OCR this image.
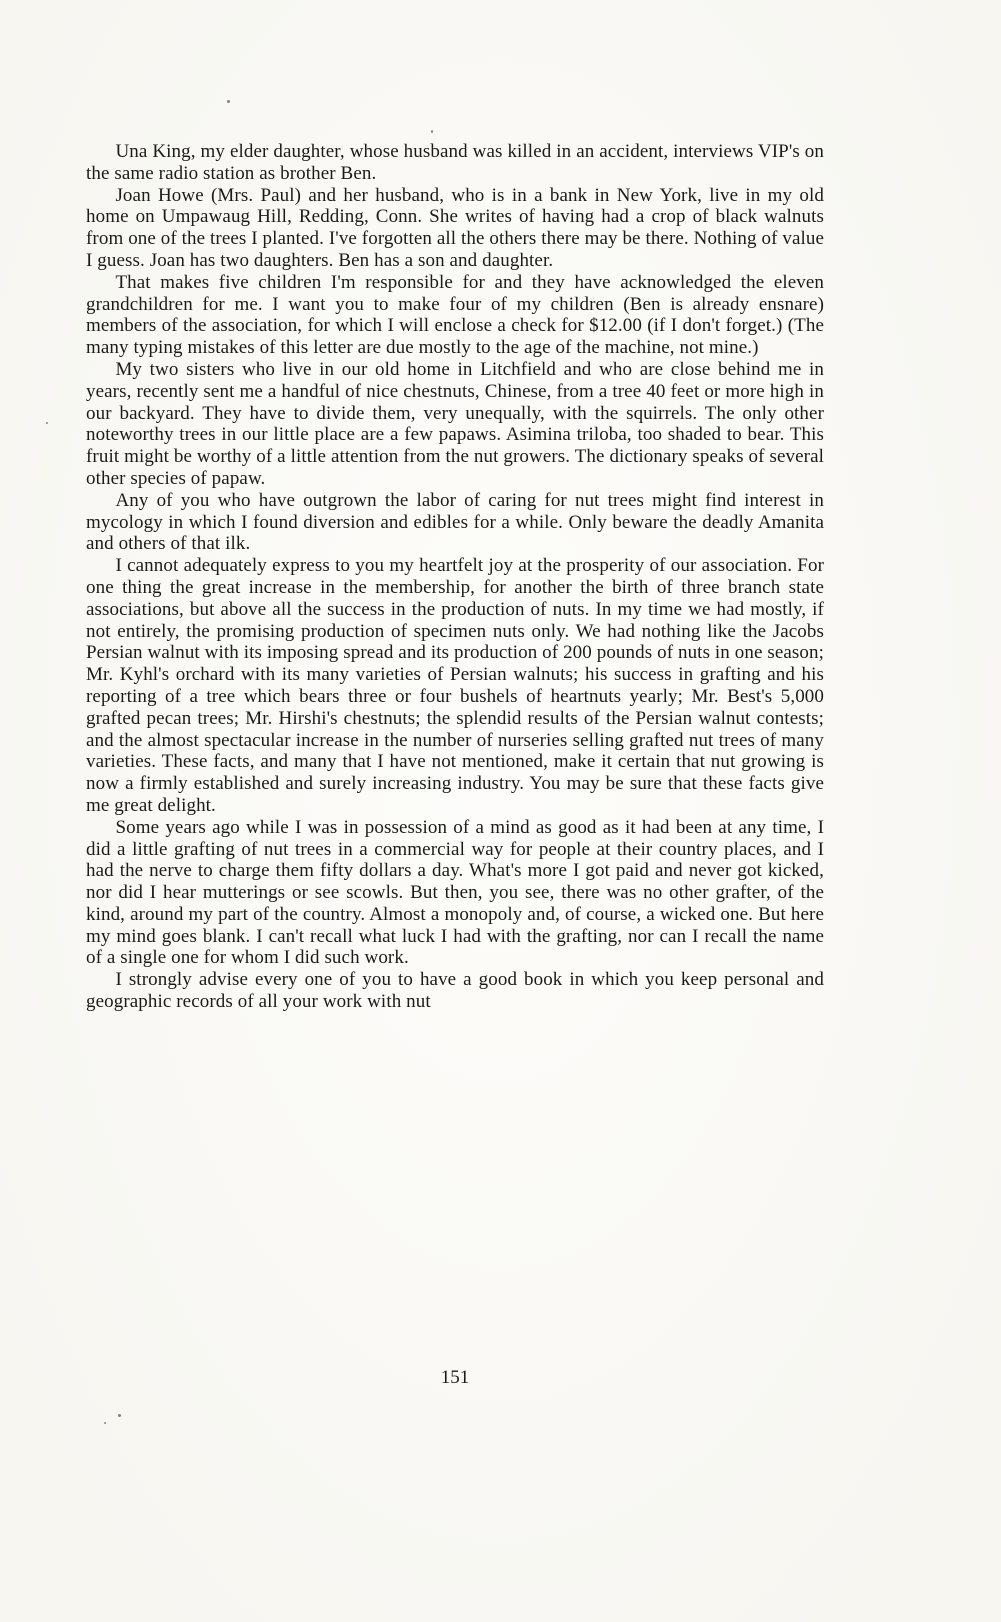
Una King, my elder daughter, whose husband was killed in an accident, interviews VIP's on the same radio station as brother Ben.

Joan Howe (Mrs. Paul) and her husband, who is in a bank in New York, live in my old home on Umpawaug Hill, Redding, Conn. She writes of having had a crop of black walnuts from one of the trees I planted. I've forgotten all the others there may be there. Nothing of value I guess. Joan has two daughters. Ben has a son and daughter.

That makes five children I'm responsible for and they have acknowledged the eleven grandchildren for me. I want you to make four of my children (Ben is already ensnare) members of the association, for which I will enclose a check for $12.00 (if I don't forget.) (The many typing mistakes of this letter are due mostly to the age of the machine, not mine.)

My two sisters who live in our old home in Litchfield and who are close behind me in years, recently sent me a handful of nice chestnuts, Chinese, from a tree 40 feet or more high in our backyard. They have to divide them, very unequally, with the squirrels. The only other noteworthy trees in our little place are a few papaws. Asimina triloba, too shaded to bear. This fruit might be worthy of a little attention from the nut growers. The dictionary speaks of several other species of papaw.

Any of you who have outgrown the labor of caring for nut trees might find interest in mycology in which I found diversion and edibles for a while. Only beware the deadly Amanita and others of that ilk.

I cannot adequately express to you my heartfelt joy at the prosperity of our association. For one thing the great increase in the membership, for another the birth of three branch state associations, but above all the success in the production of nuts. In my time we had mostly, if not entirely, the promising production of specimen nuts only. We had nothing like the Jacobs Persian walnut with its imposing spread and its production of 200 pounds of nuts in one season; Mr. Kyhl's orchard with its many varieties of Persian walnuts; his success in grafting and his reporting of a tree which bears three or four bushels of heartnuts yearly; Mr. Best's 5,000 grafted pecan trees; Mr. Hirshi's chestnuts; the splendid results of the Persian walnut contests; and the almost spectacular increase in the number of nurseries selling grafted nut trees of many varieties. These facts, and many that I have not mentioned, make it certain that nut growing is now a firmly established and surely increasing industry. You may be sure that these facts give me great delight.

Some years ago while I was in possession of a mind as good as it had been at any time, I did a little grafting of nut trees in a commercial way for people at their country places, and I had the nerve to charge them fifty dollars a day. What's more I got paid and never got kicked, nor did I hear mutterings or see scowls. But then, you see, there was no other grafter, of the kind, around my part of the country. Almost a monopoly and, of course, a wicked one. But here my mind goes blank. I can't recall what luck I had with the grafting, nor can I recall the name of a single one for whom I did such work.

I strongly advise every one of you to have a good book in which you keep personal and geographic records of all your work with nut

151
